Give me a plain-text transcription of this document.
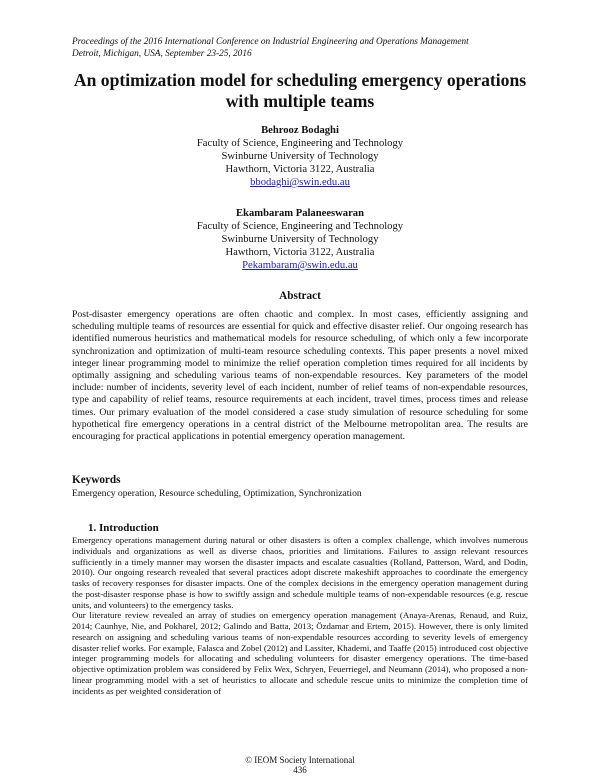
Proceedings of the 2016 International Conference on Industrial Engineering and Operations Management
Detroit, Michigan, USA, September 23-25, 2016
An optimization model for scheduling emergency operations
with multiple teams
Behrooz Bodaghi
Faculty of Science, Engineering and Technology
Swinburne University of Technology
Hawthorn, Victoria 3122, Australia
bbodaghi@swin.edu.au
Ekambaram Palaneeswaran
Faculty of Science, Engineering and Technology
Swinburne University of Technology
Hawthorn, Victoria 3122, Australia
Pekambaram@swin.edu.au
Abstract

Post-disaster emergency operations are often chaotic and complex. In most cases, efficiently assigning and scheduling multiple teams of resources are essential for quick and effective disaster relief. Our ongoing research has identified numerous heuristics and mathematical models for resource scheduling, of which only a few incorporate synchronization and optimization of multi-team resource scheduling contexts. This paper presents a novel mixed integer linear programming model to minimize the relief operation completion times required for all incidents by optimally assigning and scheduling various teams of non-expendable resources. Key parameters of the model include: number of incidents, severity level of each incident, number of relief teams of non-expendable resources, type and capability of relief teams, resource requirements at each incident, travel times, process times and release times. Our primary evaluation of the model considered a case study simulation of resource scheduling for some hypothetical fire emergency operations in a central district of the Melbourne metropolitan area. The results are encouraging for practical applications in potential emergency operation management.

Keywords
Emergency operation, Resource scheduling, Optimization, Synchronization
1. Introduction

Emergency operations management during natural or other disasters is often a complex challenge, which involves numerous individuals and organizations as well as diverse chaos, priorities and limitations. Failures to assign relevant resources sufficiently in a timely manner may worsen the disaster impacts and escalate casualties (Rolland, Patterson, Ward, and Dodin, 2010). Our ongoing research revealed that several practices adopt discrete makeshift approaches to coordinate the emergency tasks of recovery responses for disaster impacts. One of the complex decisions in the emergency operation management during the post-disaster response phase is how to swiftly assign and schedule multiple teams of non-expendable resources (e.g. rescue units, and volunteers) to the emergency tasks.

Our literature review revealed an array of studies on emergency operation management (Anaya-Arenas, Renaud, and Ruiz, 2014; Caunhye, Nie, and Pokharel, 2012; Galindo and Batta, 2013; Özdamar and Ertem, 2015). However, there is only limited research on assigning and scheduling various teams of non-expendable resources according to severity levels of emergency disaster relief works. For example, Falasca and Zobel (2012) and Lassiter, Khademi, and Taaffe (2015) introduced cost objective integer programming models for allocating and scheduling volunteers for disaster emergency operations. The time-based objective optimization problem was considered by Felix Wex, Schryen, Feuerriegel, and Neumann (2014), who proposed a non-linear programming model with a set of heuristics to allocate and schedule rescue units to minimize the completion time of incidents as per weighted consideration of

© IEOM Society International
436
